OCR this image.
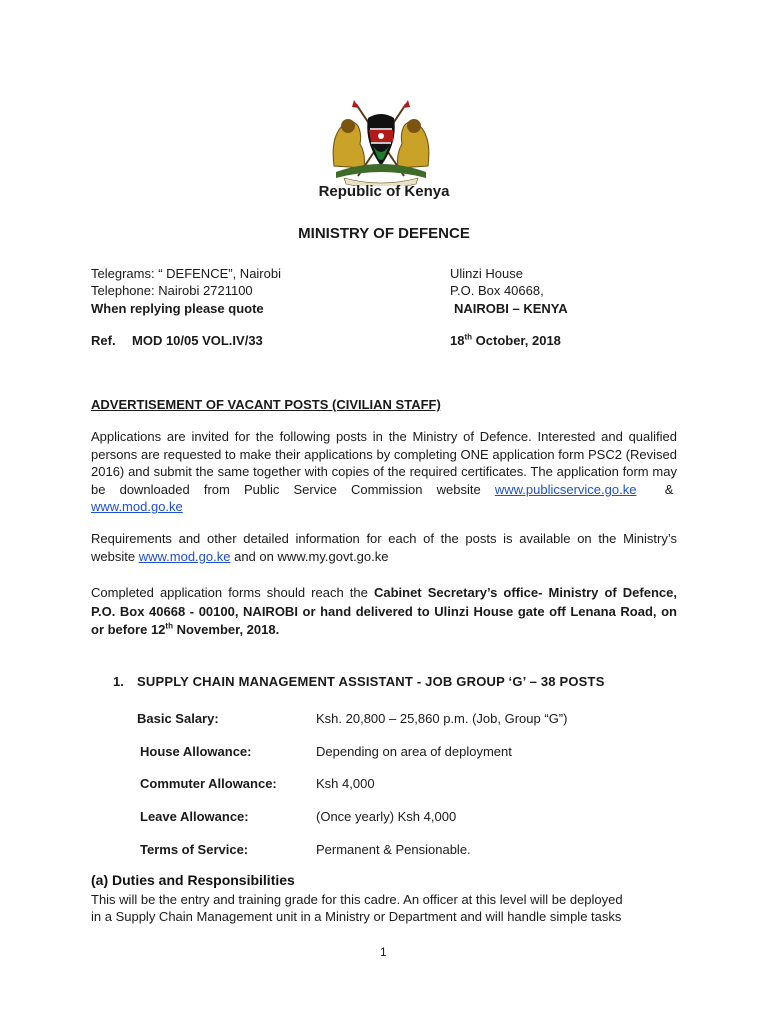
Republic of Kenya
MINISTRY OF DEFENCE
Telegrams: “ DEFENCE”, Nairobi
Telephone: Nairobi 2721100
When replying please quote
Ulinzi House
P.O. Box 40668,
NAIROBI – KENYA
Ref. MOD 10/05 VOL.IV/33	18th October, 2018
ADVERTISEMENT OF VACANT POSTS (CIVILIAN STAFF)
Applications are invited for the following posts in the Ministry of Defence. Interested and qualified persons are requested to make their applications by completing ONE application form PSC2 (Revised 2016) and submit the same together with copies of the required certificates. The application form may be downloaded from Public Service Commission website www.publicservice.go.ke &  www.mod.go.ke
Requirements and other detailed information for each of the posts is available on the Ministry’s website www.mod.go.ke and on www.my.govt.go.ke
Completed application forms should reach the Cabinet Secretary’s office- Ministry of Defence, P.O. Box 40668 - 00100, NAIROBI or hand delivered to Ulinzi House gate off Lenana Road, on or before 12th November, 2018.
1. SUPPLY CHAIN MANAGEMENT ASSISTANT - JOB GROUP ‘G’ – 38 POSTS
Basic Salary:	Ksh. 20,800 – 25,860 p.m. (Job, Group “G”)
House Allowance:	Depending on area of deployment
Commuter Allowance:	Ksh 4,000
Leave Allowance:	(Once yearly) Ksh 4,000
Terms of Service:	Permanent & Pensionable.
(a) Duties and Responsibilities
This will be the entry and training grade for this cadre. An officer at this level will be deployed
in a Supply Chain Management unit in a Ministry or Department and will handle simple tasks
1
